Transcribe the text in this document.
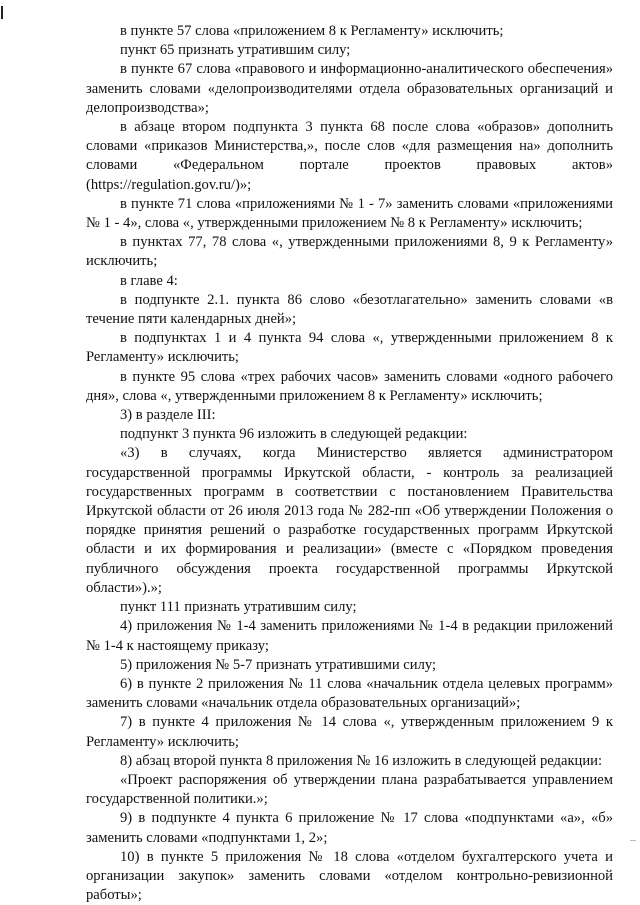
в пункте 57 слова «приложением 8 к Регламенту» исключить;

пункт 65 признать утратившим силу;

в пункте 67 слова «правового и информационно-аналитического обеспечения» заменить словами «делопроизводителями отдела образовательных организаций и делопроизводства»;

в абзаце втором подпункта 3 пункта 68 после слова «образов» дополнить словами «приказов Министерства,», после слов «для размещения на» дополнить словами «Федеральном портале проектов правовых актов» (https://regulation.gov.ru/)»;

в пункте 71 слова «приложениями № 1 - 7» заменить словами «приложениями № 1 - 4», слова «, утвержденными приложением № 8 к Регламенту» исключить;

в пунктах 77, 78 слова «, утвержденными приложениями 8, 9 к Регламенту» исключить;

в главе 4:

в подпункте 2.1. пункта 86 слово «безотлагательно» заменить словами «в течение пяти календарных дней»;

в подпунктах 1 и 4 пункта 94 слова «, утвержденными приложением 8 к Регламенту» исключить;

в пункте 95 слова «трех рабочих часов» заменить словами «одного рабочего дня», слова «, утвержденными приложением 8 к Регламенту» исключить;

3) в разделе III:

подпункт 3 пункта 96 изложить в следующей редакции:

«3) в случаях, когда Министерство является администратором государственной программы Иркутской области, - контроль за реализацией государственных программ в соответствии с постановлением Правительства Иркутской области от 26 июля 2013 года № 282-пп «Об утверждении Положения о порядке принятия решений о разработке государственных программ Иркутской области и их формирования и реализации» (вместе с «Порядком проведения публичного обсуждения проекта государственной программы Иркутской области»).»;

пункт 111 признать утратившим силу;

4) приложения № 1-4 заменить приложениями № 1-4 в редакции приложений № 1-4 к настоящему приказу;

5) приложения № 5-7 признать утратившими силу;

6) в пункте 2 приложения № 11 слова «начальник отдела целевых программ» заменить словами «начальник отдела образовательных организаций»;

7) в пункте 4 приложения № 14 слова «, утвержденным приложением 9 к Регламенту» исключить;

8) абзац второй пункта 8 приложения № 16 изложить в следующей редакции:

«Проект распоряжения об утверждении плана разрабатывается управлением государственной политики.»;

9) в подпункте 4 пункта 6 приложение № 17 слова «подпунктами «а», «б» заменить словами «подпунктами 1, 2»;

10) в пункте 5 приложения № 18 слова «отделом бухгалтерского учета и организации закупок» заменить словами «отделом контрольно-ревизионной работы»;
